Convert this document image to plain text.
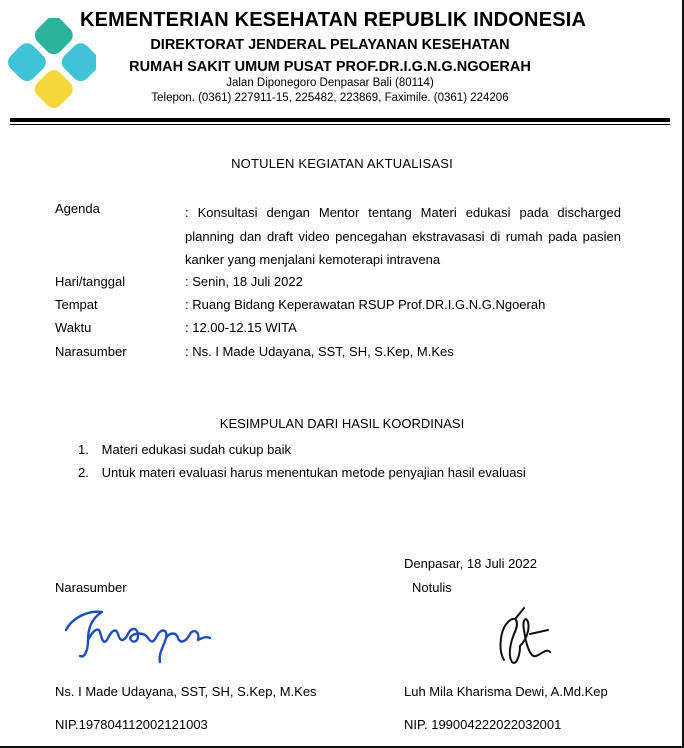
KEMENTERIAN KESEHATAN REPUBLIK INDONESIA
DIREKTORAT JENDERAL PELAYANAN KESEHATAN
RUMAH SAKIT UMUM PUSAT PROF.DR.I.G.N.G.NGOERAH
Jalan Diponegoro Denpasar Bali (80114)
Telepon. (0361) 227911-15, 225482, 223869, Faximile. (0361) 224206
NOTULEN KEGIATAN AKTUALISASI
Agenda	: Konsultasi dengan Mentor tentang Materi edukasi pada discharged planning dan draft video pencegahan ekstravasasi di rumah pada pasien kanker yang menjalani kemoterapi intravena
Hari/tanggal	: Senin, 18 Juli 2022
Tempat	: Ruang Bidang Keperawatan RSUP Prof.DR.I.G.N.G.Ngoerah
Waktu	: 12.00-12.15 WITA
Narasumber	: Ns. I Made Udayana, SST, SH, S.Kep, M.Kes
KESIMPULAN DARI HASIL KOORDINASI
1. Materi edukasi sudah cukup baik
2. Untuk materi evaluasi harus menentukan metode penyajian hasil evaluasi
Denpasar, 18 Juli 2022
Narasumber	Notulis
Ns. I Made Udayana, SST, SH, S.Kep, M.Kes	Luh Mila Kharisma Dewi, A.Md.Kep
NIP.197804112002121003	NIP. 199004222022032001
